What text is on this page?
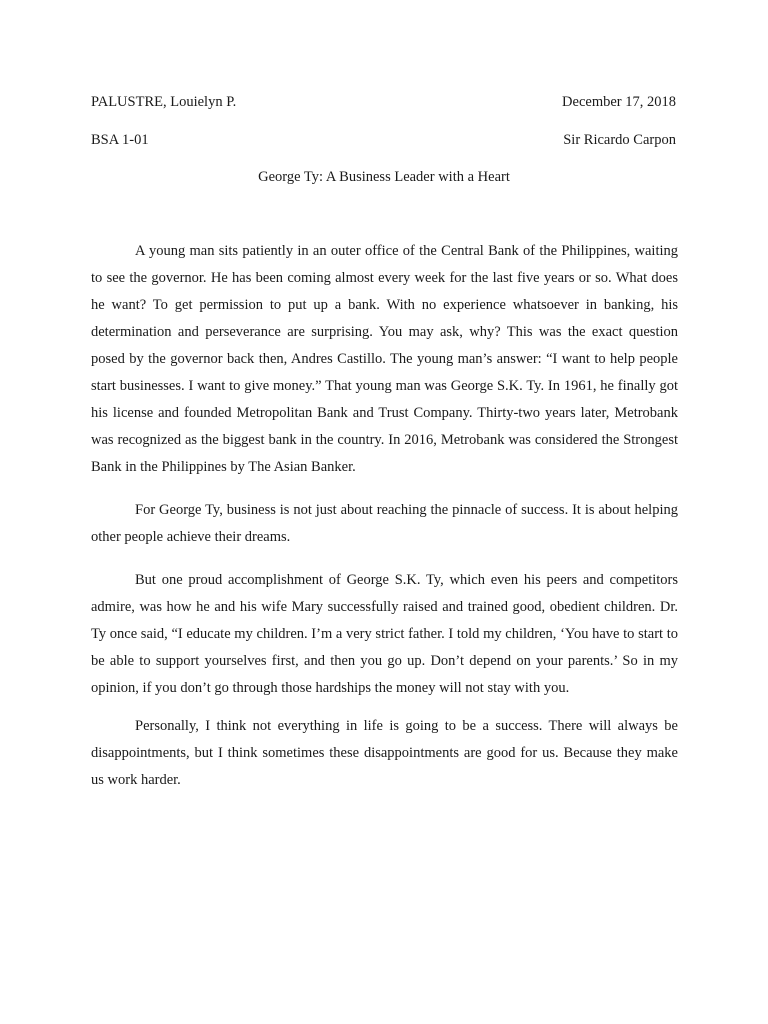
PALUSTRE, Louielyn P.	December 17, 2018
BSA 1-01	Sir Ricardo Carpon
George Ty: A Business Leader with a Heart

A young man sits patiently in an outer office of the Central Bank of the Philippines, waiting to see the governor. He has been coming almost every week for the last five years or so. What does he want? To get permission to put up a bank. With no experience whatsoever in banking, his determination and perseverance are surprising. You may ask, why? This was the exact question posed by the governor back then, Andres Castillo. The young man’s answer: “I want to help people start businesses. I want to give money.” That young man was George S.K. Ty. In 1961, he finally got his license and founded Metropolitan Bank and Trust Company. Thirty-two years later, Metrobank was recognized as the biggest bank in the country. In 2016, Metrobank was considered the Strongest Bank in the Philippines by The Asian Banker.

For George Ty, business is not just about reaching the pinnacle of success. It is about helping other people achieve their dreams.

But one proud accomplishment of George S.K. Ty, which even his peers and competitors admire, was how he and his wife Mary successfully raised and trained good, obedient children. Dr. Ty once said, “I educate my children. I’m a very strict father. I told my children, ‘You have to start to be able to support yourselves first, and then you go up. Don’t depend on your parents.’ So in my opinion, if you don’t go through those hardships the money will not stay with you.

Personally, I think not everything in life is going to be a success. There will always be disappointments, but I think sometimes these disappointments are good for us. Because they make us work harder.
